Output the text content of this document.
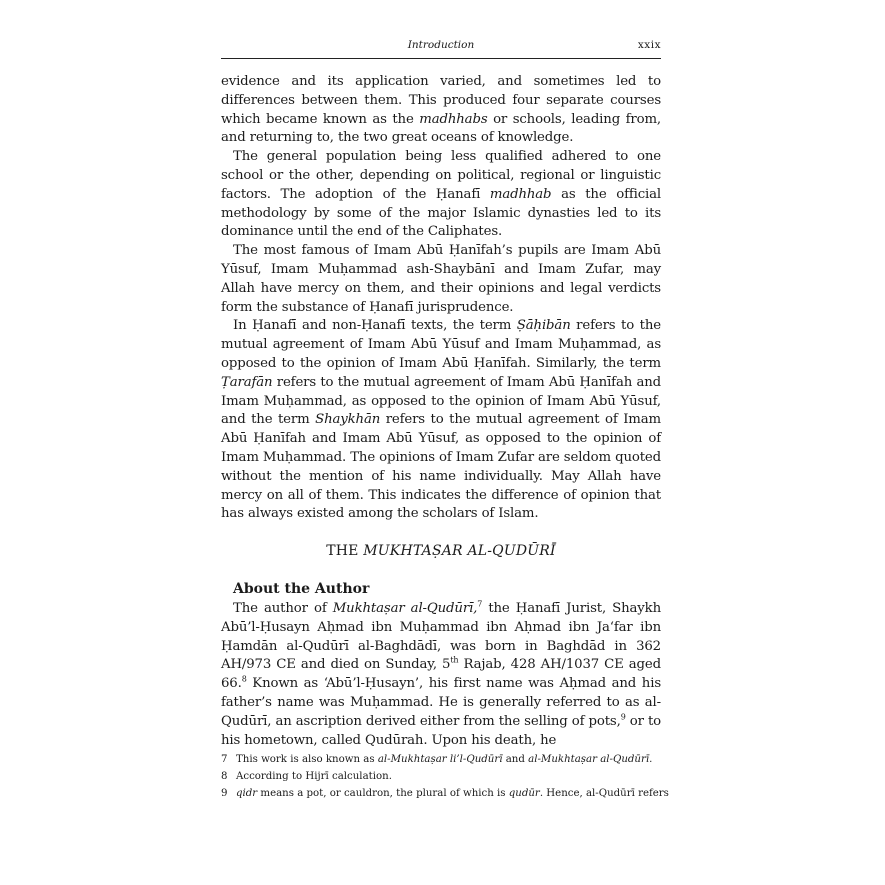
Introduction	xxix

evidence and its application varied, and sometimes led to differences between them. This produced four separate courses which became known as the madhhabs or schools, leading from, and returning to, the two great oceans of knowledge.

The general population being less qualified adhered to one school or the other, depending on political, regional or linguistic factors. The adoption of the Ḥanafī madhhab as the official methodology by some of the major Islamic dynasties led to its dominance until the end of the Caliphates.

The most famous of Imam Abū Ḥanīfah’s pupils are Imam Abū Yūsuf, Imam Muḥammad ash-Shaybānī and Imam Zufar, may Allah have mercy on them, and their opinions and legal verdicts form the substance of Ḥanafī jurisprudence.

In Ḥanafī and non-Ḥanafī texts, the term Ṣāḥibān refers to the mutual agreement of Imam Abū Yūsuf and Imam Muḥammad, as opposed to the opinion of Imam Abū Ḥanīfah. Similarly, the term Ṭarafān refers to the mutual agreement of Imam Abū Ḥanīfah and Imam Muḥammad, as opposed to the opinion of Imam Abū Yūsuf, and the term Shaykhān refers to the mutual agreement of Imam Abū Ḥanīfah and Imam Abū Yūsuf, as opposed to the opinion of Imam Muḥammad. The opinions of Imam Zufar are seldom quoted without the mention of his name individually. May Allah have mercy on all of them. This indicates the difference of opinion that has always existed among the scholars of Islam.

THE MUKHTAṢAR AL-QUDŪRĪ
About the Author

The author of Mukhtaṣar al-Qudūrī,$^7$ the Ḥanafī Jurist, Shaykh Abū’l-Ḥusayn Aḥmad ibn Muḥammad ibn Aḥmad ibn Ja‘far ibn Ḥamdān al-Qudūrī al-Baghdādī, was born in Baghdād in 362 AH/973 CE and died on Sunday, 5th Rajab, 428 AH/1037 CE aged 66.$^8$ Known as ‘Abū’l-Ḥusayn’, his first name was Aḥmad and his father’s name was Muḥammad. He is generally referred to as al-Qudūrī, an ascription derived either from the selling of pots,$^9$ or to his hometown, called Qudūrah. Upon his death, he

7 This work is also known as al-Mukhtaṣar li’l-Qudūrī and al-Mukhtaṣar al-Qudūrī.
8 According to Hijrī calculation.
9 qidr means a pot, or cauldron, the plural of which is qudūr. Hence, al-Qudūrī refers
